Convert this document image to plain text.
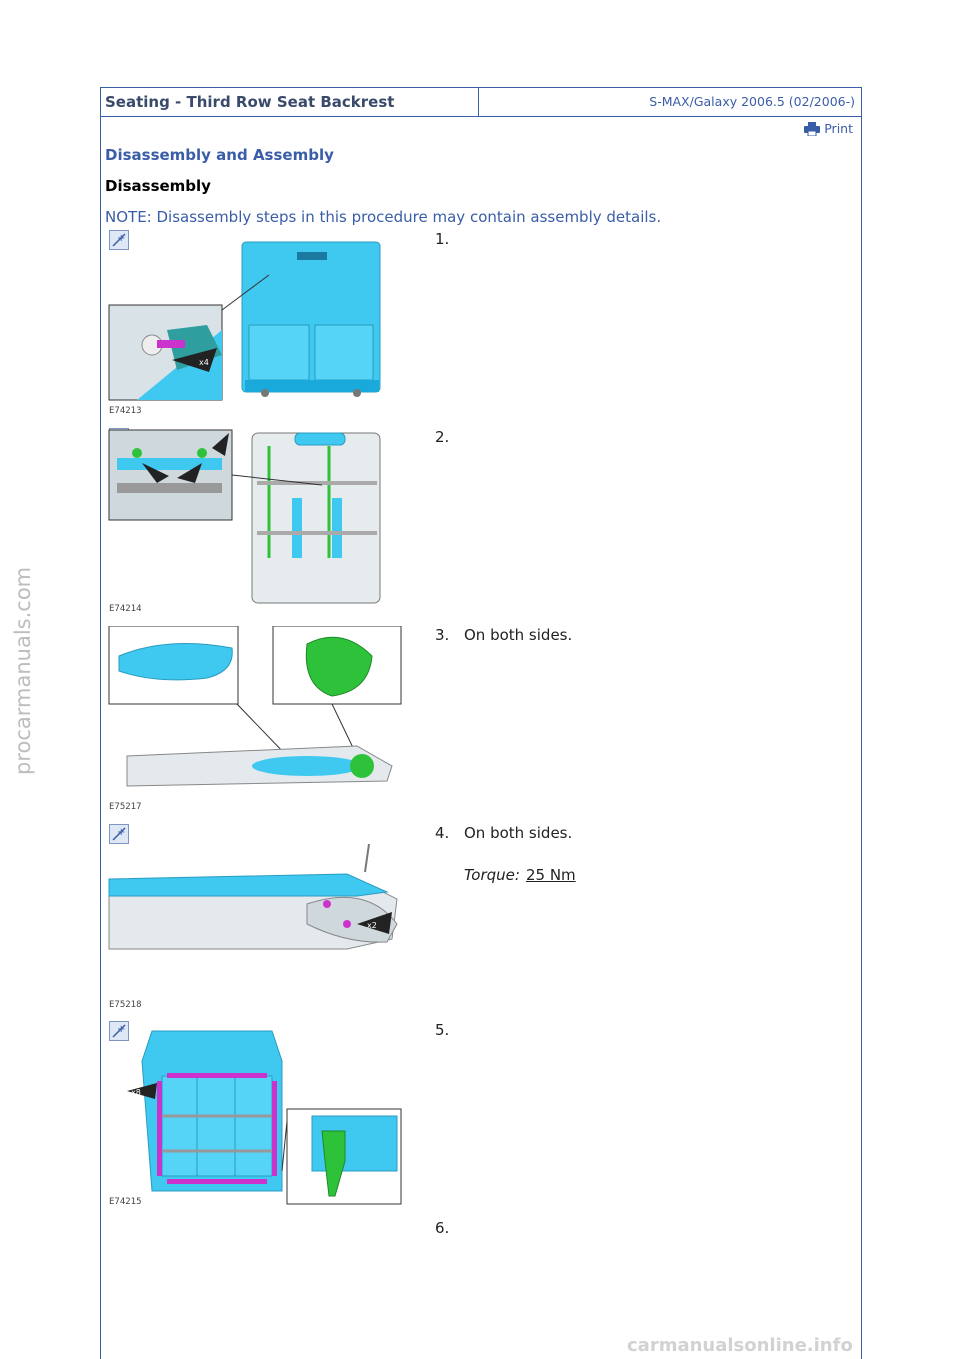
Seating - Third Row Seat Backrest	S-MAX/Galaxy 2006.5 (02/2006-)
Print
Disassembly and Assembly
Disassembly
NOTE: Disassembly steps in this procedure may contain assembly details.
+
x4
E74213
1.
E74214
2.
E75217
3. On both sides.
+
x2
E75218
4. On both sides.
Torque: 25 Nm
+
x8
E74215
5.
6.
procarmanuals.com
carmanualsonline.info
